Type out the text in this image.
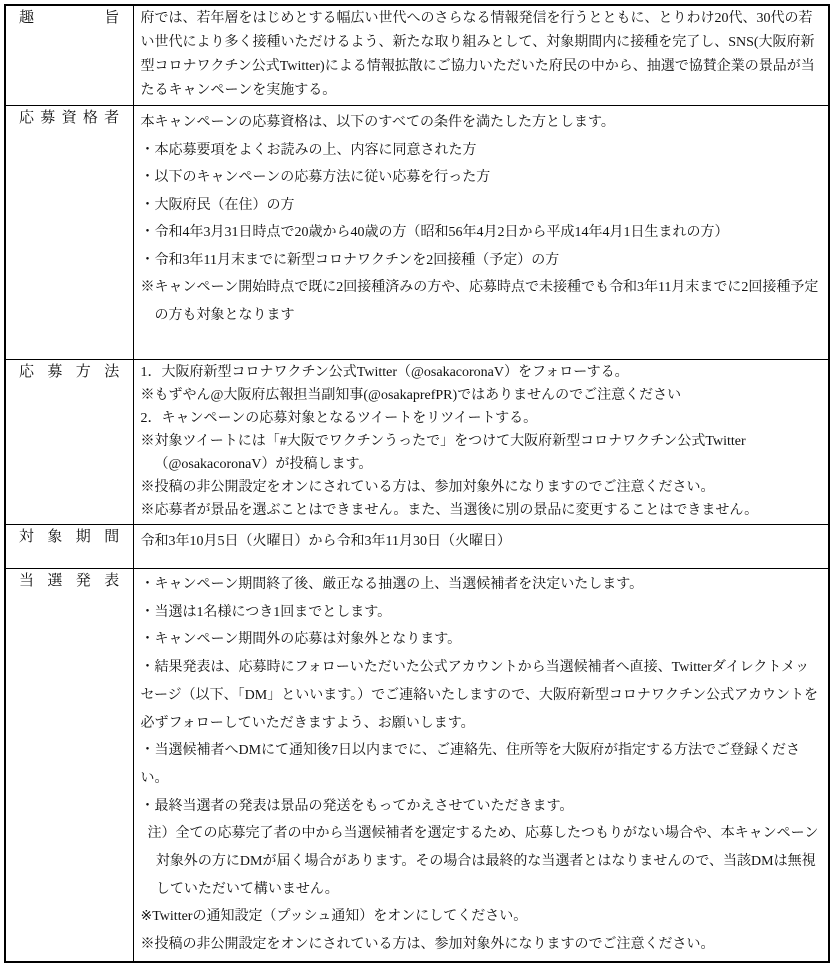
趣旨	府では、若年層をはじめとする幅広い世代へのさらなる情報発信を行うとともに、とりわけ20代、30代の若い世代により多く接種いただけるよう、新たな取り組みとして、対象期間内に接種を完了し、SNS(大阪府新型コロナワクチン公式Twitter)による情報拡散にご協力いただいた府民の中から、抽選で協賛企業の景品が当たるキャンペーンを実施する。

応募資格者	本キャンペーンの応募資格は、以下のすべての条件を満たした方とします。

・本応募要項をよくお読みの上、内容に同意された方

・以下のキャンペーンの応募方法に従い応募を行った方

・大阪府民（在住）の方

・令和4年3月31日時点で20歳から40歳の方（昭和56年4月2日から平成14年4月1日生まれの方）

・令和3年11月末までに新型コロナワクチンを2回接種（予定）の方

※キャンペーン開始時点で既に2回接種済みの方や、応募時点で未接種でも令和3年11月末までに2回接種予定の方も対象となります

応募方法	1．大阪府新型コロナワクチン公式Twitter（@osakacoronaV）をフォローする。

※もずやん@大阪府広報担当副知事(@osakaprefPR)ではありませんのでご注意ください

2．キャンペーンの応募対象となるツイートをリツイートする。

※対象ツイートには「#大阪でワクチンうったで」をつけて大阪府新型コロナワクチン公式Twitter（@osakacoronaV）が投稿します。

※投稿の非公開設定をオンにされている方は、参加対象外になりますのでご注意ください。

※応募者が景品を選ぶことはできません。また、当選後に別の景品に変更することはできません。

対象期間	令和3年10月5日（火曜日）から令和3年11月30日（火曜日）

当選発表	・キャンペーン期間終了後、厳正なる抽選の上、当選候補者を決定いたします。

・当選は1名様につき1回までとします。

・キャンペーン期間外の応募は対象外となります。

・結果発表は、応募時にフォローいただいた公式アカウントから当選候補者へ直接、Twitterダイレクトメッセージ（以下、「DM」といいます。）でご連絡いたしますので、大阪府新型コロナワクチン公式アカウントを必ずフォローしていただきますよう、お願いします。

・当選候補者へDMにて通知後7日以内までに、ご連絡先、住所等を大阪府が指定する方法でご登録ください。

・最終当選者の発表は景品の発送をもってかえさせていただきます。

注）全ての応募完了者の中から当選候補者を選定するため、応募したつもりがない場合や、本キャンペーン対象外の方にDMが届く場合があります。その場合は最終的な当選者とはなりませんので、当該DMは無視していただいて構いません。

※Twitterの通知設定（プッシュ通知）をオンにしてください。

※投稿の非公開設定をオンにされている方は、参加対象外になりますのでご注意ください。
